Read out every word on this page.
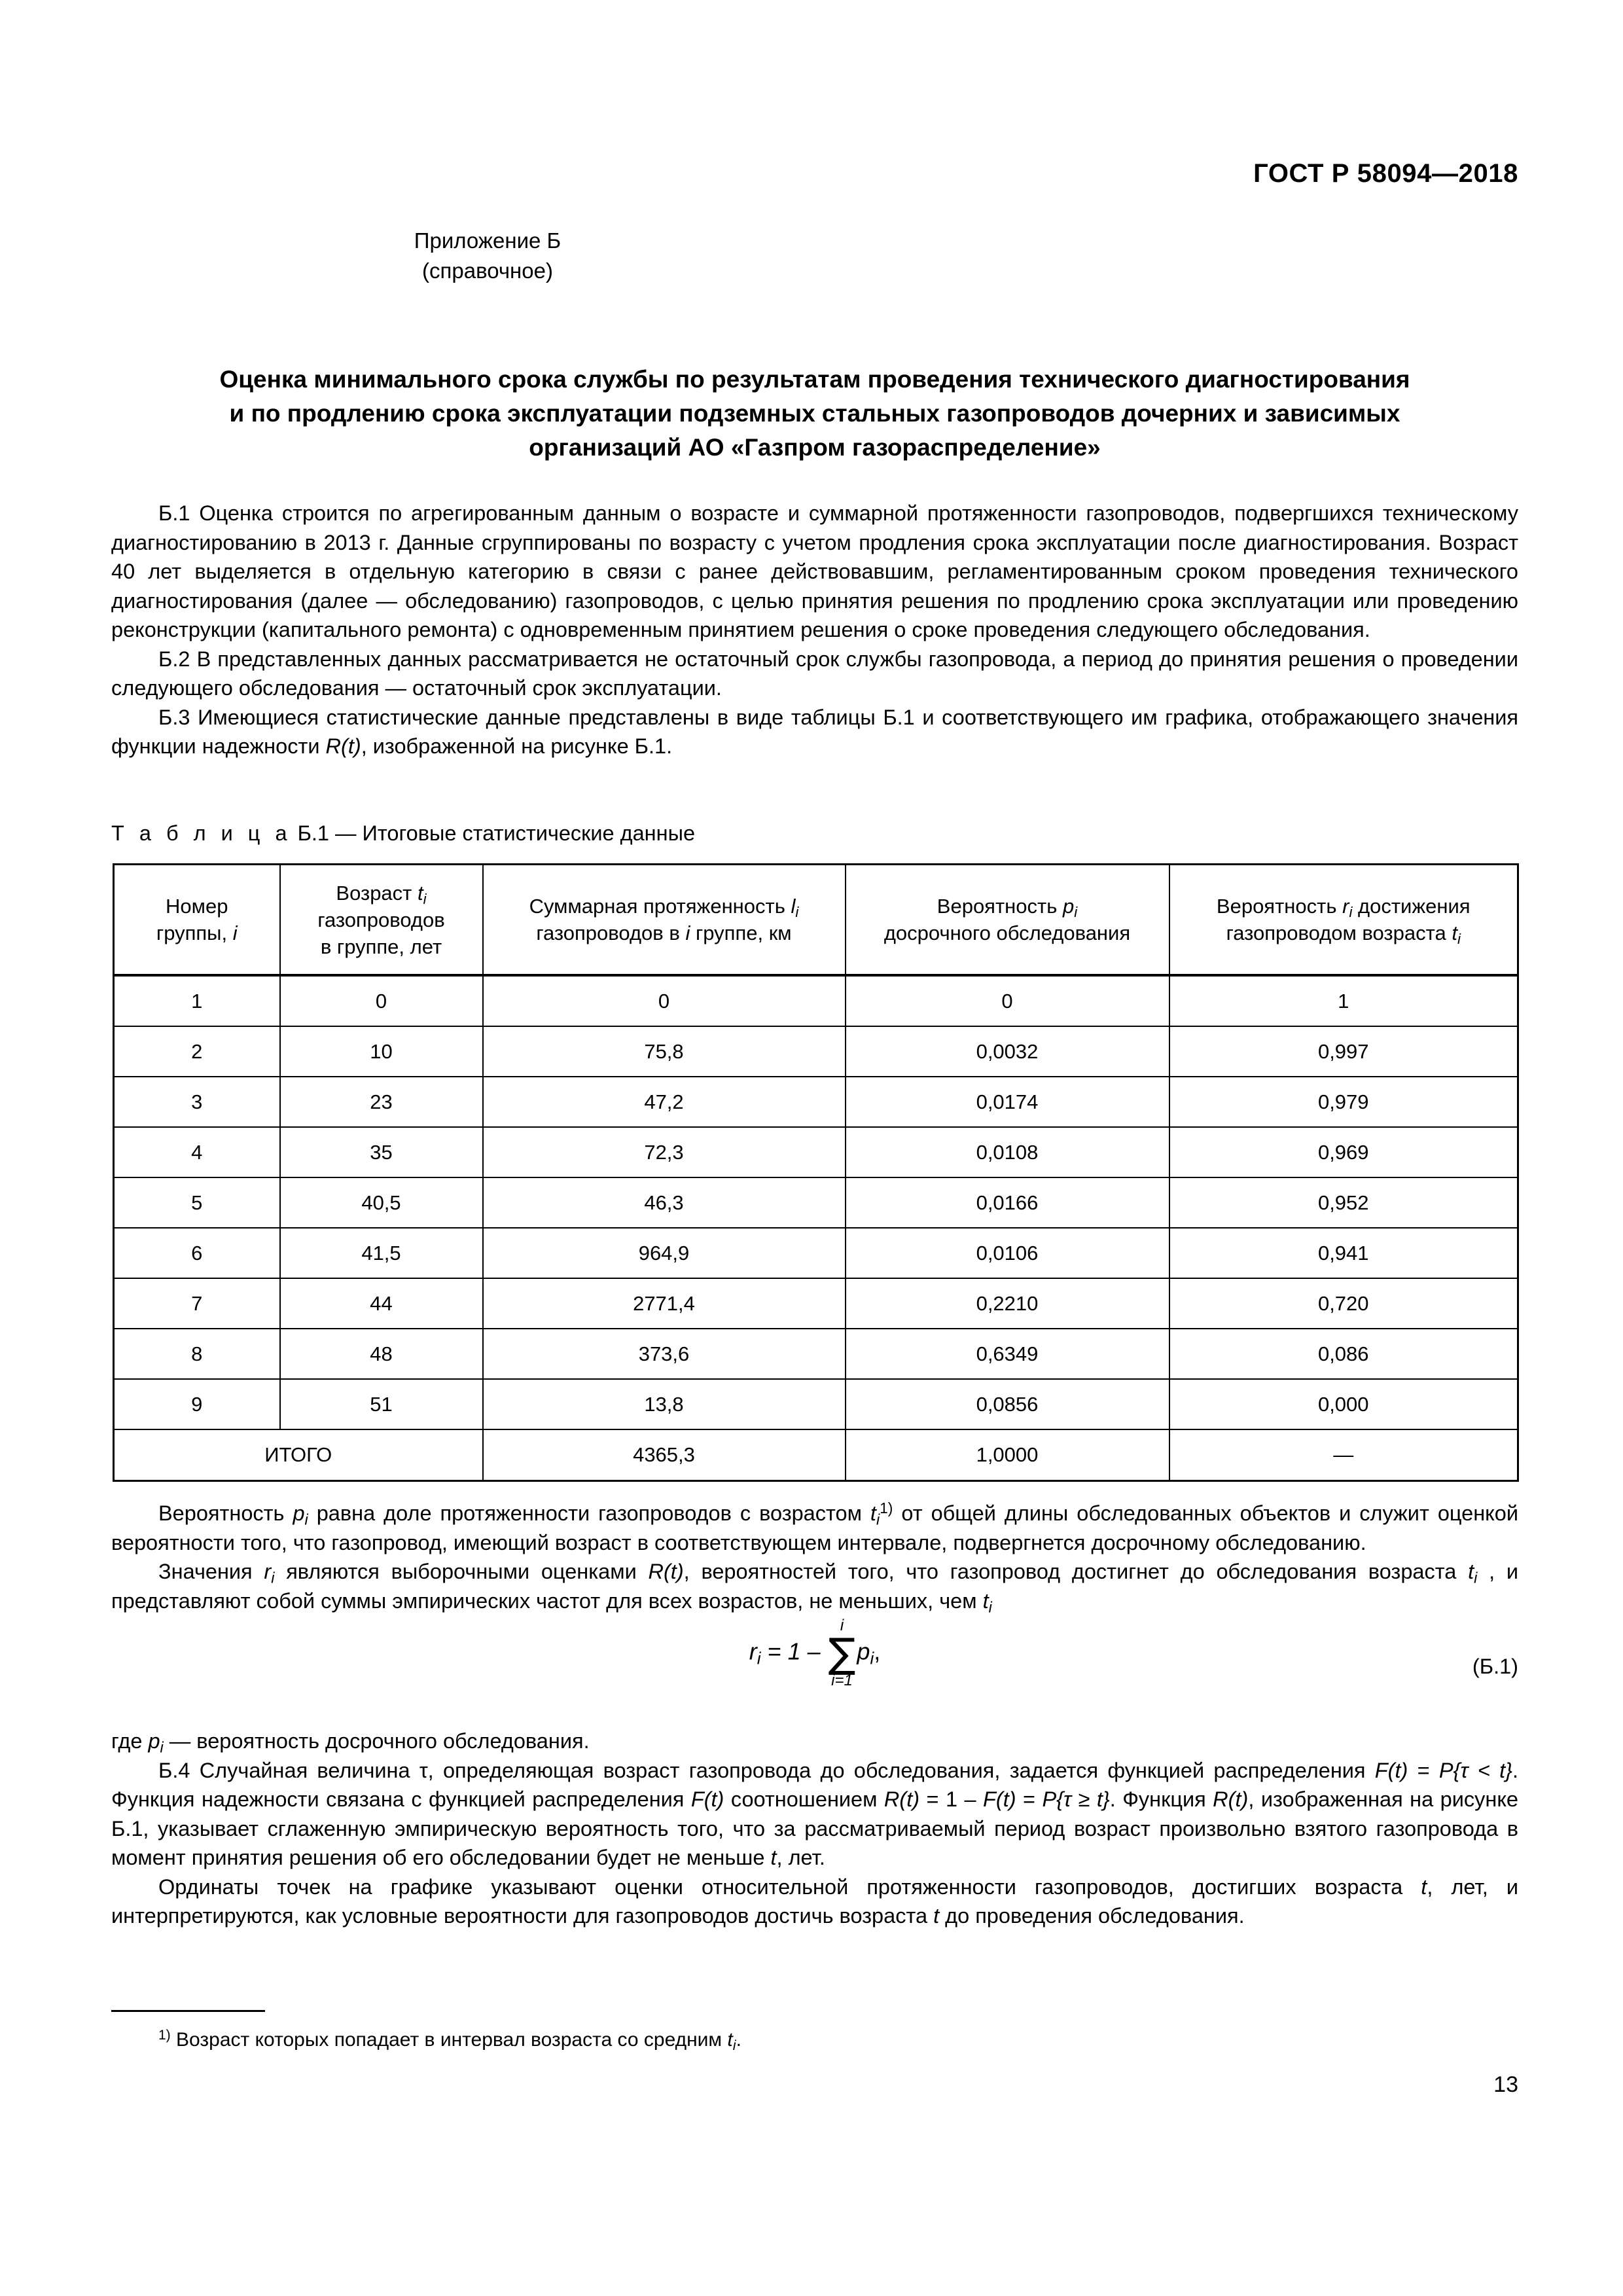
ГОСТ Р 58094—2018
Приложение Б
(справочное)
Оценка минимального срока службы по результатам проведения технического диагностирования
и по продлению срока эксплуатации подземных стальных газопроводов дочерних и зависимых
организаций АО «Газпром газораспределение»

Б.1 Оценка строится по агрегированным данным о возрасте и суммарной протяженности газопроводов, подвергшихся техническому диагностированию в 2013 г. Данные сгруппированы по возрасту с учетом продления срока эксплуатации после диагностирования. Возраст 40 лет выделяется в отдельную категорию в связи с ранее действовавшим, регламентированным сроком проведения технического диагностирования (далее — обследованию) газопроводов, с целью принятия решения по продлению срока эксплуатации или проведению реконструкции (капитального ремонта) с одновременным принятием решения о сроке проведения следующего обследования.

Б.2 В представленных данных рассматривается не остаточный срок службы газопровода, а период до принятия решения о проведении следующего обследования — остаточный срок эксплуатации.

Б.3 Имеющиеся статистические данные представлены в виде таблицы Б.1 и соответствующего им графика, отображающего значения функции надежности R(t), изображенной на рисунке Б.1.

Т а б л и ц а Б.1 — Итоговые статистические данные
Номер
группы, i	Возраст $t_i$
газопроводов
в группе, лет	Суммарная протяженность $l_i$
газопроводов в i группе, км	Вероятность $p_i$
досрочного обследования	Вероятность $r_i$ достижения
газопроводом возраста $t_i$
1	0	0	0	1
2	10	75,8	0,0032	0,997
3	23	47,2	0,0174	0,979
4	35	72,3	0,0108	0,969
5	40,5	46,3	0,0166	0,952
6	41,5	964,9	0,0106	0,941
7	44	2771,4	0,2210	0,720
8	48	373,6	0,6349	0,086
9	51	13,8	0,0856	0,000
ИТОГО		4365,3	1,0000	—

Вероятность $p_i$ равна доле протяженности газопроводов с возрастом $t_i^{1)}$ от общей длины обследованных объектов и служит оценкой вероятности того, что газопровод, имеющий возраст в соответствующем интервале, подвергнется досрочному обследованию.

Значения $r_i$ являются выборочными оценками R(t), вероятностей того, что газопровод достигнет до обследования возраста $t_i$ , и представляют собой суммы эмпирических частот для всех возрастов, не меньших, чем $t_i$

$r_i = 1$ –
i
∑
i=1
$p_i$,
(Б.1)

где $p_i$ — вероятность досрочного обследования.

Б.4 Случайная величина τ, определяющая возраст газопровода до обследования, задается функцией распределения F(t) = P{τ < t}. Функция надежности связана с функцией распределения F(t) соотношением R(t) = 1 – F(t) = P{τ ≥ t}. Функция R(t), изображенная на рисунке Б.1, указывает сглаженную эмпирическую вероятность того, что за рассматриваемый период возраст произвольно взятого газопровода в момент принятия решения об его обследовании будет не меньше t, лет.

Ординаты точек на графике указывают оценки относительной протяженности газопроводов, достигших возраста t, лет, и интерпретируются, как условные вероятности для газопроводов достичь возраста t до проведения обследования.

$^{1)}$ Возраст которых попадает в интервал возраста со средним $t_i$.
13
